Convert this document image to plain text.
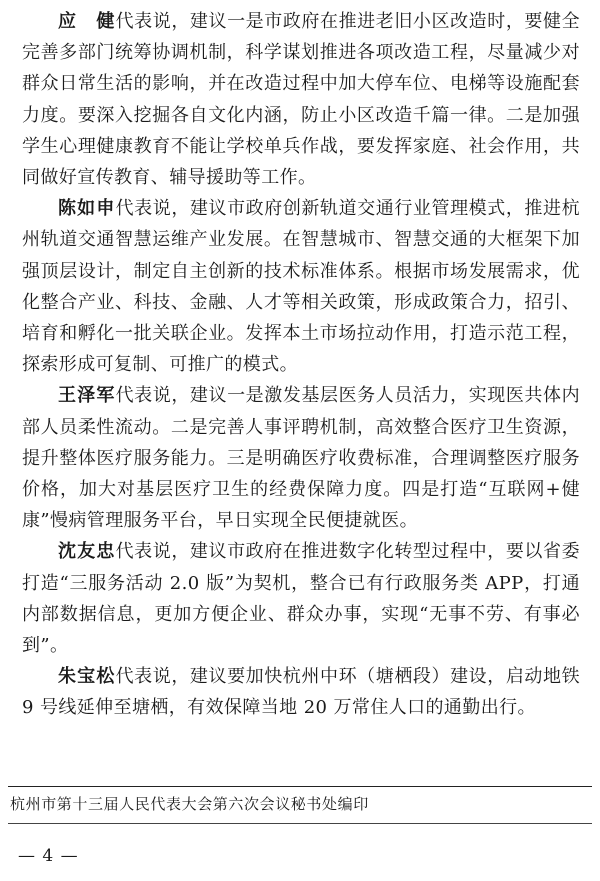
应　健代表说，建议一是市政府在推进老旧小区改造时，要健全完善多部门统筹协调机制，科学谋划推进各项改造工程，尽量减少对群众日常生活的影响，并在改造过程中加大停车位、电梯等设施配套力度。要深入挖掘各自文化内涵，防止小区改造千篇一律。二是加强学生心理健康教育不能让学校单兵作战，要发挥家庭、社会作用，共同做好宣传教育、辅导援助等工作。

陈如申代表说，建议市政府创新轨道交通行业管理模式，推进杭州轨道交通智慧运维产业发展。在智慧城市、智慧交通的大框架下加强顶层设计，制定自主创新的技术标准体系。根据市场发展需求，优化整合产业、科技、金融、人才等相关政策，形成政策合力，招引、培育和孵化一批关联企业。发挥本土市场拉动作用，打造示范工程，探索形成可复制、可推广的模式。

王泽军代表说，建议一是激发基层医务人员活力，实现医共体内部人员柔性流动。二是完善人事评聘机制，高效整合医疗卫生资源，提升整体医疗服务能力。三是明确医疗收费标准，合理调整医疗服务价格，加大对基层医疗卫生的经费保障力度。四是打造“互联网+健康”慢病管理服务平台，早日实现全民便捷就医。

沈友忠代表说，建议市政府在推进数字化转型过程中，要以省委打造“三服务活动 2.0 版”为契机，整合已有行政服务类 APP，打通内部数据信息，更加方便企业、群众办事，实现“无事不劳、有事必到”。

朱宝松代表说，建议要加快杭州中环（塘栖段）建设，启动地铁 9 号线延伸至塘栖，有效保障当地 20 万常住人口的通勤出行。

杭州市第十三届人民代表大会第六次会议秘书处编印
— 4 —
